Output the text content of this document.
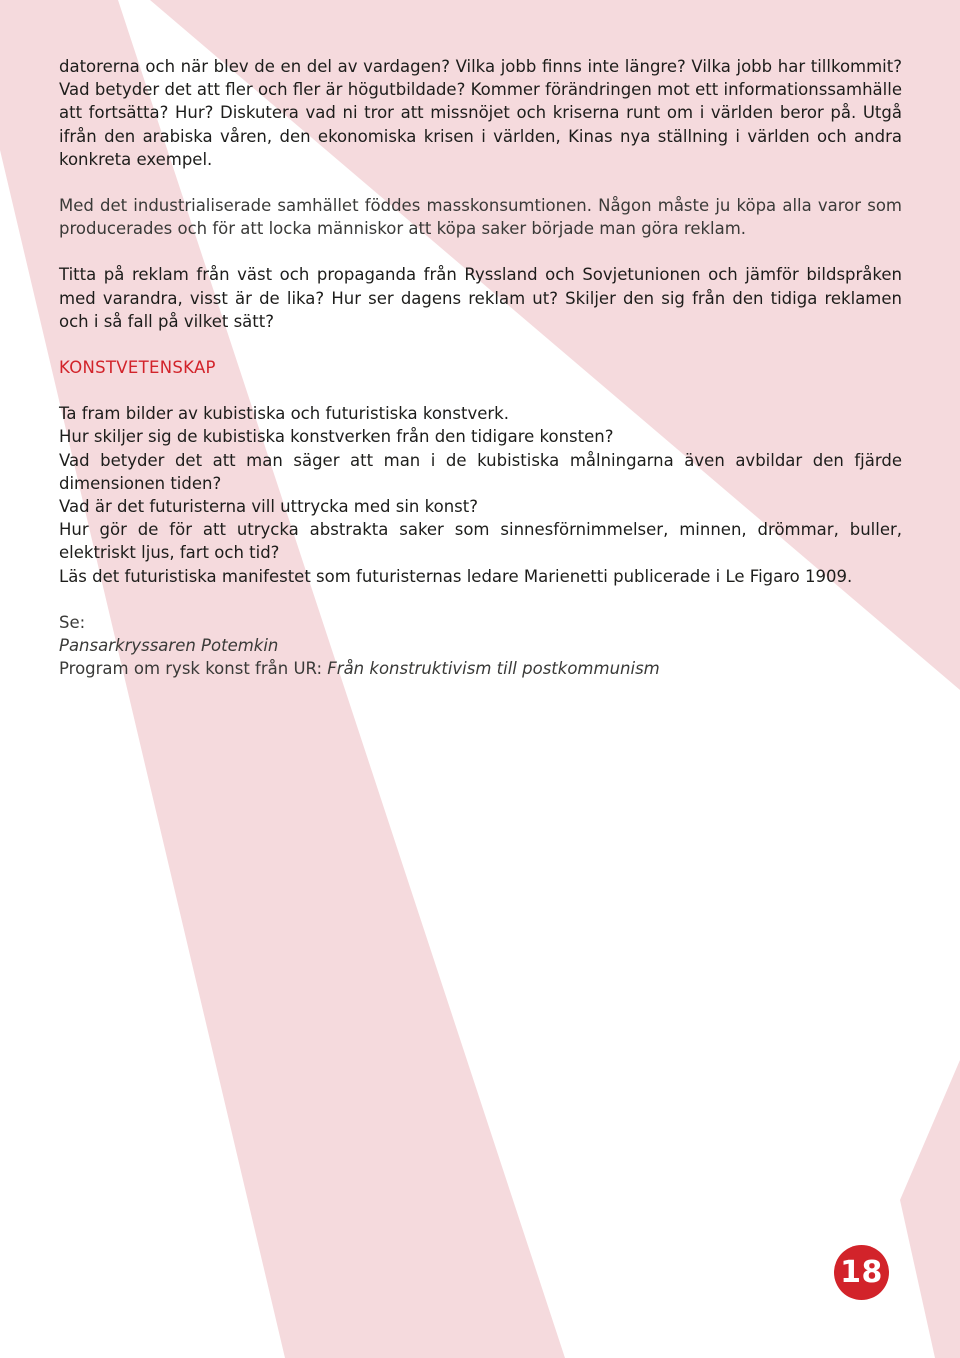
datorerna och när blev de en del av vardagen? Vilka jobb finns inte längre? Vilka jobb har tillkommit? Vad betyder det att fler och fler är högutbildade? Kommer förändringen mot ett informationssamhälle att fortsätta? Hur? Diskutera vad ni tror att missnöjet och kriserna runt om i världen beror på. Utgå ifrån den arabiska våren, den ekonomiska krisen i världen, Kinas nya ställning i världen och andra konkreta exempel.

Med det industrialiserade samhället föddes masskonsumtionen. Någon måste ju köpa alla varor som producerades och för att locka människor att köpa saker började man göra reklam.

Titta på reklam från väst och propaganda från Ryssland och Sovjetunionen och jämför bildspråken med varandra, visst är de lika? Hur ser dagens reklam ut? Skiljer den sig från den tidiga reklamen och i så fall på vilket sätt?

KONSTVETENSKAP

Ta fram bilder av kubistiska och futuristiska konstverk.

Hur skiljer sig de kubistiska konstverken från den tidigare konsten?

Vad betyder det att man säger att man i de kubistiska målningarna även avbildar den fjärde dimensionen tiden?

Vad är det futuristerna vill uttrycka med sin konst?

Hur gör de för att utrycka abstrakta saker som sinnesförnimmelser, minnen, drömmar, buller, elektriskt ljus, fart och tid?

Läs det futuristiska manifestet som futuristernas ledare Marienetti publicerade i Le Figaro 1909.

Se:

Pansarkryssaren Potemkin

Program om rysk konst från UR: Från konstruktivism till postkommunism

18
